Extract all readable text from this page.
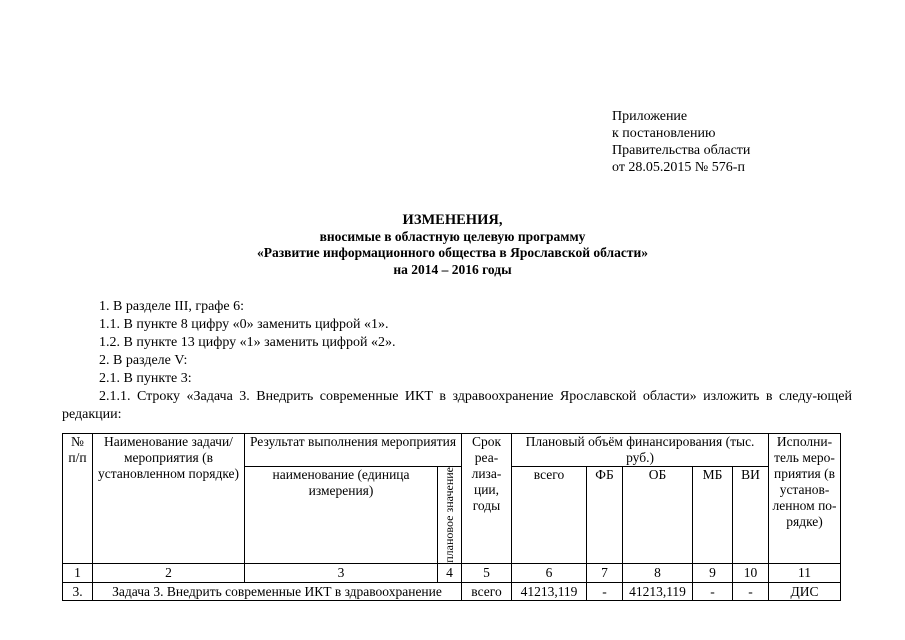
Приложение
к постановлению
Правительства области
от 28.05.2015 № 576-п
ИЗМЕНЕНИЯ,
вносимые в областную целевую программу
«Развитие информационного общества в Ярославской области»
на 2014 – 2016 годы

1. В разделе III, графе 6:

1.1. В пункте 8 цифру «0» заменить цифрой «1».

1.2. В пункте 13 цифру «1» заменить цифрой «2».

2. В разделе V:

2.1. В пункте 3:

2.1.1. Строку «Задача 3. Внедрить современные ИКТ в здравоохранение Ярославской области» изложить в следу-ющей редакции:

№ п/п	Наименование задачи/мероприятия (в установленном порядке)	Результат выполнения мероприятия		Срок реа-лиза-ции, годы	Плановый объём финансирования (тыс. руб.)					Исполни-тель меро-приятия (в установ-ленном по-рядке)
		наименование (единица измерения)	плановое значение		всего	ФБ	ОБ	МБ	ВИ	
1	2	3	4	5	6	7	8	9	10	11
3.	Задача 3. Внедрить современные ИКТ в здравоохранение			всего	41213,119	-	41213,119	-	-	ДИС
